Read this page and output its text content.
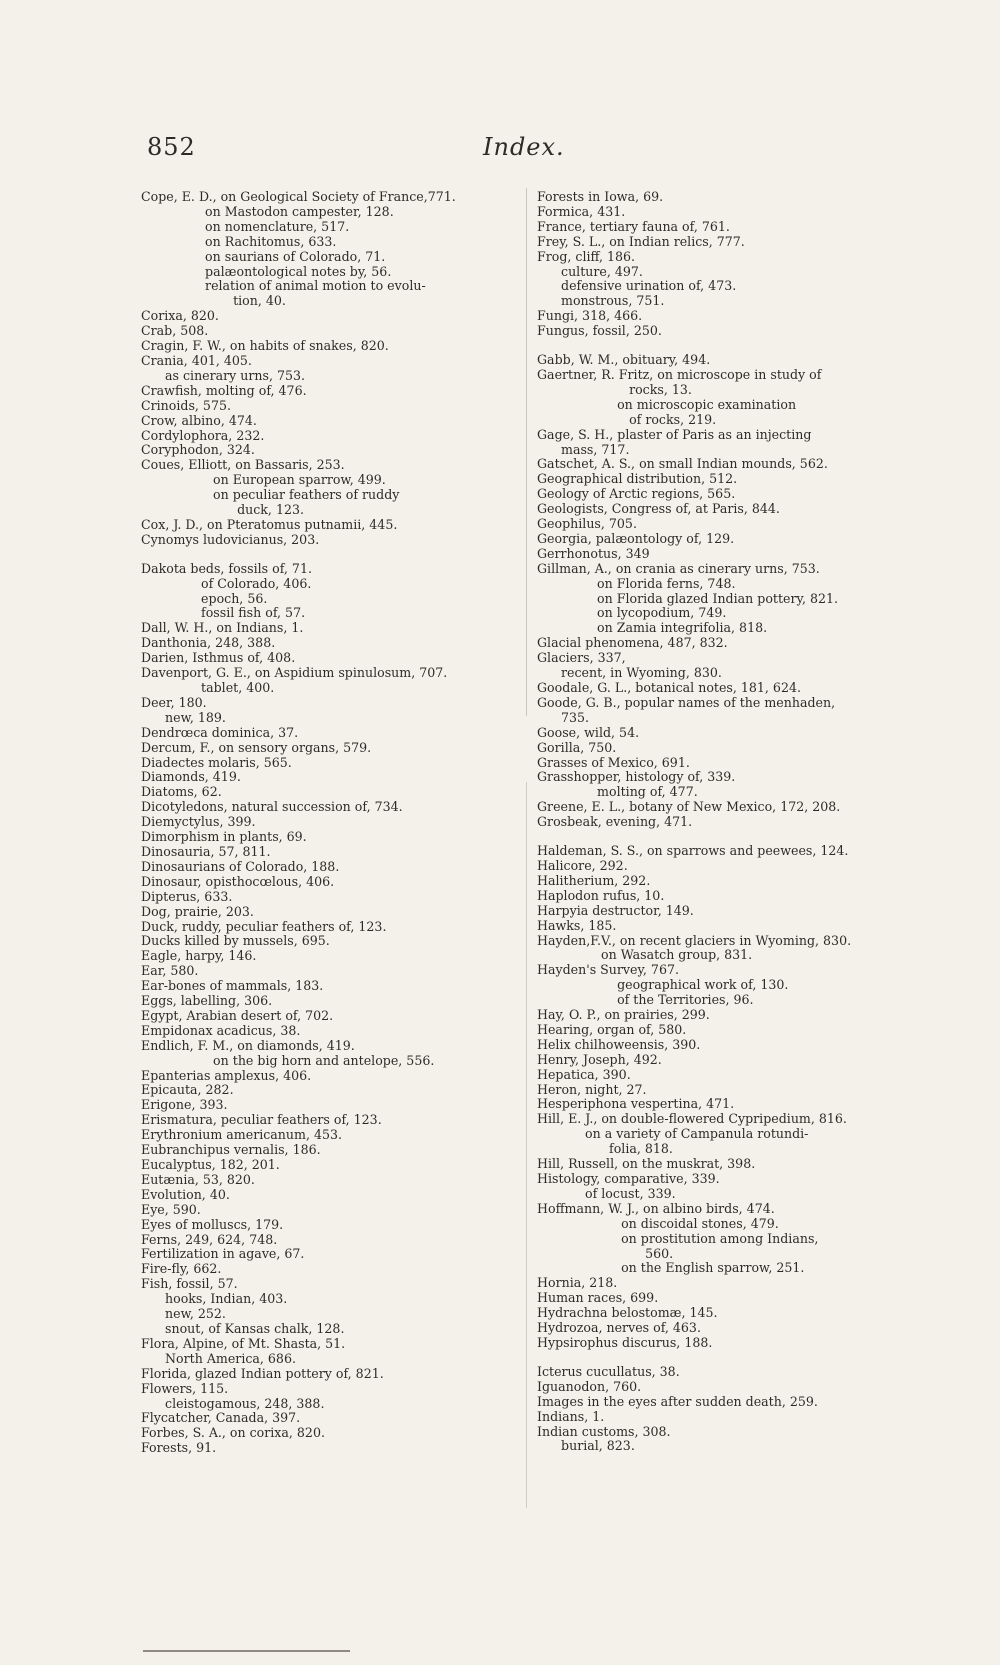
852	Index.
Cope, E. D., on Geological Society of France,771.
on Mastodon campester, 128.
on nomenclature, 517.
on Rachitomus, 633.
on saurians of Colorado, 71.
palæontological notes by, 56.
relation of animal motion to evolu-
tion, 40.
Corixa, 820.
Crab, 508.
Cragin, F. W., on habits of snakes, 820.
Crania, 401, 405.
as cinerary urns, 753.
Crawfish, molting of, 476.
Crinoids, 575.
Crow, albino, 474.
Cordylophora, 232.
Coryphodon, 324.
Coues, Elliott, on Bassaris, 253.
on European sparrow, 499.
on peculiar feathers of ruddy
duck, 123.
Cox, J. D., on Pteratomus putnamii, 445.
Cynomys ludovicianus, 203.
Dakota beds, fossils of, 71.
of Colorado, 406.
epoch, 56.
fossil fish of, 57.
Dall, W. H., on Indians, 1.
Danthonia, 248, 388.
Darien, Isthmus of, 408.
Davenport, G. E., on Aspidium spinulosum, 707.
tablet, 400.
Deer, 180.
new, 189.
Dendrœca dominica, 37.
Dercum, F., on sensory organs, 579.
Diadectes molaris, 565.
Diamonds, 419.
Diatoms, 62.
Dicotyledons, natural succession of, 734.
Diemyctylus, 399.
Dimorphism in plants, 69.
Dinosauria, 57, 811.
Dinosaurians of Colorado, 188.
Dinosaur, opisthocœlous, 406.
Dipterus, 633.
Dog, prairie, 203.
Duck, ruddy, peculiar feathers of, 123.
Ducks killed by mussels, 695.
Eagle, harpy, 146.
Ear, 580.
Ear-bones of mammals, 183.
Eggs, labelling, 306.
Egypt, Arabian desert of, 702.
Empidonax acadicus, 38.
Endlich, F. M., on diamonds, 419.
on the big horn and antelope, 556.
Epanterias amplexus, 406.
Epicauta, 282.
Erigone, 393.
Erismatura, peculiar feathers of, 123.
Erythronium americanum, 453.
Eubranchipus vernalis, 186.
Eucalyptus, 182, 201.
Eutænia, 53, 820.
Evolution, 40.
Eye, 590.
Eyes of molluscs, 179.
Ferns, 249, 624, 748.
Fertilization in agave, 67.
Fire-fly, 662.
Fish, fossil, 57.
hooks, Indian, 403.
new, 252.
snout, of Kansas chalk, 128.
Flora, Alpine, of Mt. Shasta, 51.
North America, 686.
Florida, glazed Indian pottery of, 821.
Flowers, 115.
cleistogamous, 248, 388.
Flycatcher, Canada, 397.
Forbes, S. A., on corixa, 820.
Forests, 91.
Forests in Iowa, 69.
Formica, 431.
France, tertiary fauna of, 761.
Frey, S. L., on Indian relics, 777.
Frog, cliff, 186.
culture, 497.
defensive urination of, 473.
monstrous, 751.
Fungi, 318, 466.
Fungus, fossil, 250.
Gabb, W. M., obituary, 494.
Gaertner, R. Fritz, on microscope in study of
rocks, 13.
on microscopic examination
of rocks, 219.
Gage, S. H., plaster of Paris as an injecting
mass, 717.
Gatschet, A. S., on small Indian mounds, 562.
Geographical distribution, 512.
Geology of Arctic regions, 565.
Geologists, Congress of, at Paris, 844.
Geophilus, 705.
Georgia, palæontology of, 129.
Gerrhonotus, 349
Gillman, A., on crania as cinerary urns, 753.
on Florida ferns, 748.
on Florida glazed Indian pottery, 821.
on lycopodium, 749.
on Zamia integrifolia, 818.
Glacial phenomena, 487, 832.
Glaciers, 337,
recent, in Wyoming, 830.
Goodale, G. L., botanical notes, 181, 624.
Goode, G. B., popular names of the menhaden,
735.
Goose, wild, 54.
Gorilla, 750.
Grasses of Mexico, 691.
Grasshopper, histology of, 339.
molting of, 477.
Greene, E. L., botany of New Mexico, 172, 208.
Grosbeak, evening, 471.
Haldeman, S. S., on sparrows and peewees, 124.
Halicore, 292.
Halitherium, 292.
Haplodon rufus, 10.
Harpyia destructor, 149.
Hawks, 185.
Hayden,F.V., on recent glaciers in Wyoming, 830.
on Wasatch group, 831.
Hayden's Survey, 767.
geographical work of, 130.
of the Territories, 96.
Hay, O. P., on prairies, 299.
Hearing, organ of, 580.
Helix chilhoweensis, 390.
Henry, Joseph, 492.
Hepatica, 390.
Heron, night, 27.
Hesperiphona vespertina, 471.
Hill, E. J., on double-flowered Cypripedium, 816.
on a variety of Campanula rotundi-
folia, 818.
Hill, Russell, on the muskrat, 398.
Histology, comparative, 339.
of locust, 339.
Hoffmann, W. J., on albino birds, 474.
on discoidal stones, 479.
on prostitution among Indians,
560.
on the English sparrow, 251.
Hornia, 218.
Human races, 699.
Hydrachna belostomæ, 145.
Hydrozoa, nerves of, 463.
Hypsirophus discurus, 188.
Icterus cucullatus, 38.
Iguanodon, 760.
Images in the eyes after sudden death, 259.
Indians, 1.
Indian customs, 308.
burial, 823.
